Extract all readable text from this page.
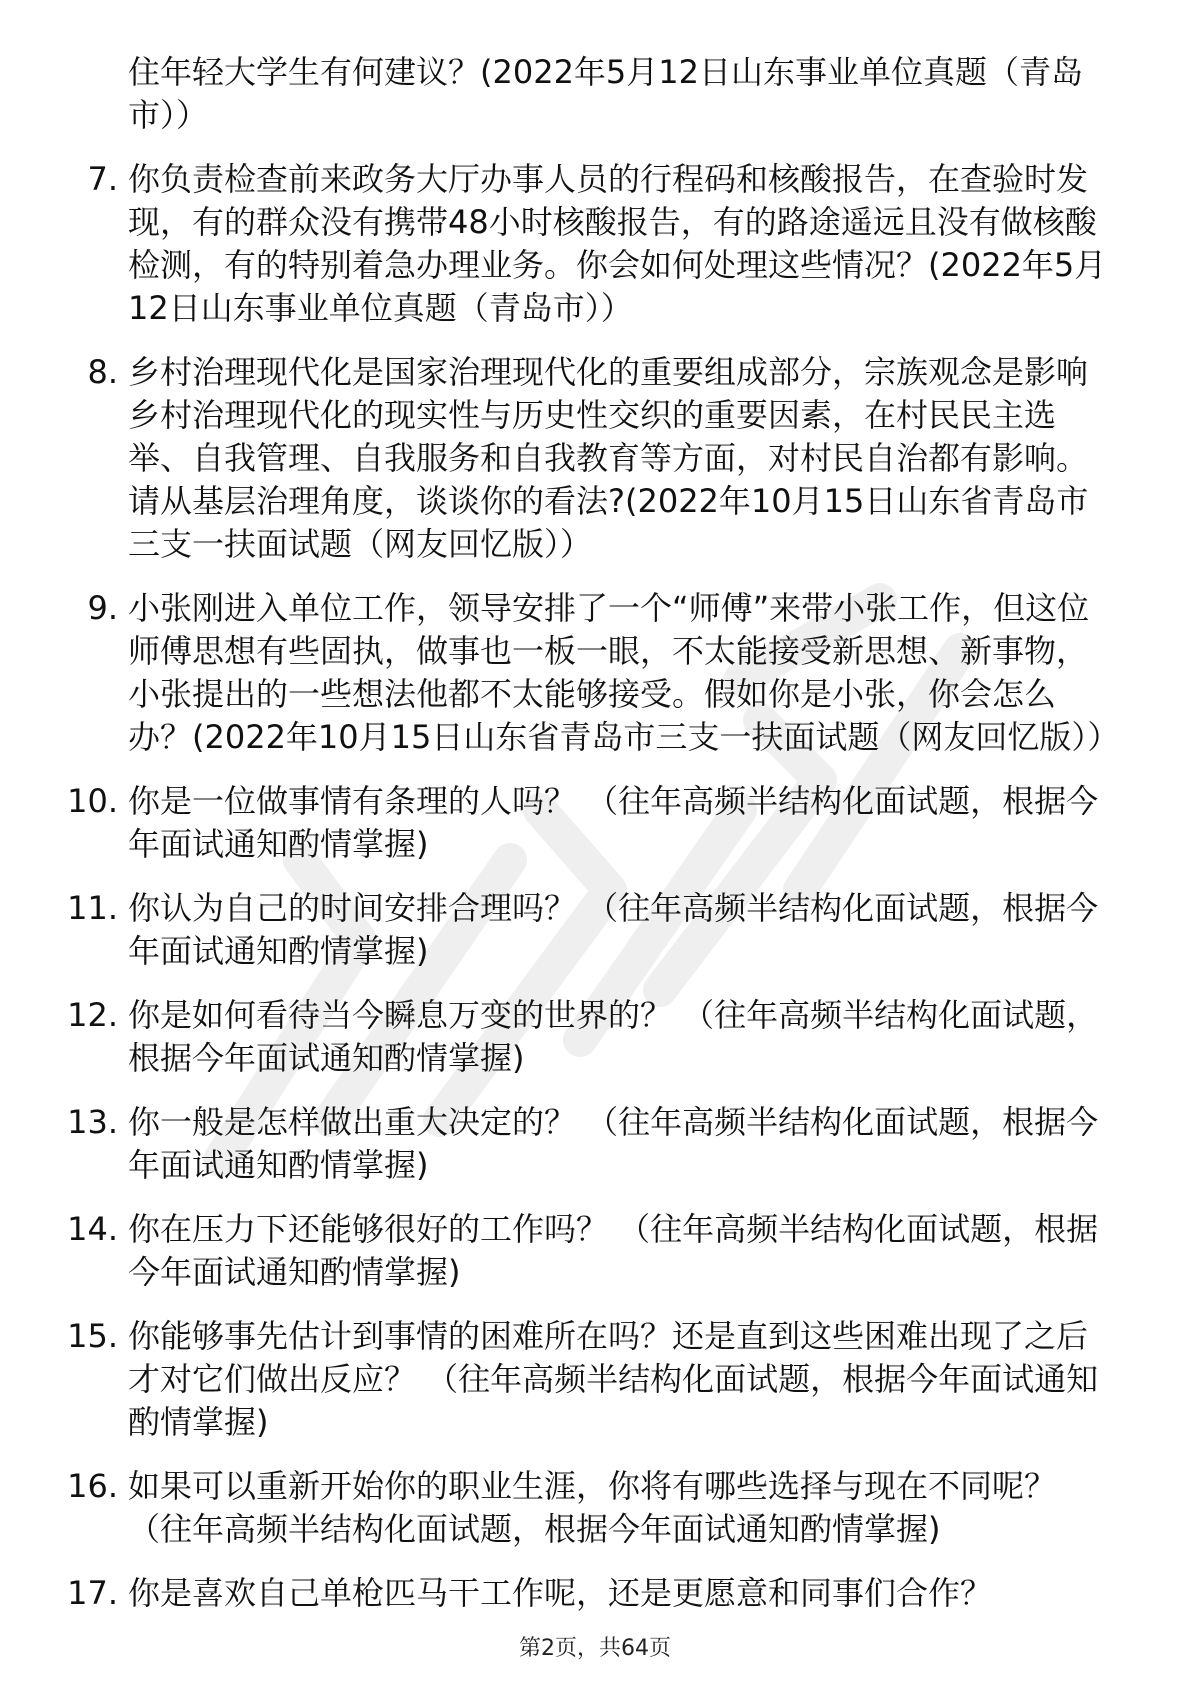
住年轻大学生有何建议？(2022年5月12日山东事业单位真题（青岛市））
7. 你负责检查前来政务大厅办事人员的行程码和核酸报告，在查验时发现，有的群众没有携带48小时核酸报告，有的路途遥远且没有做核酸检测，有的特别着急办理业务。你会如何处理这些情况？(2022年5月12日山东事业单位真题（青岛市））
8. 乡村治理现代化是国家治理现代化的重要组成部分，宗族观念是影响乡村治理现代化的现实性与历史性交织的重要因素，在村民民主选举、自我管理、自我服务和自我教育等方面，对村民自治都有影响。请从基层治理角度，谈谈你的看法?(2022年10月15日山东省青岛市三支一扶面试题（网友回忆版））
9. 小张刚进入单位工作，领导安排了一个“师傅”来带小张工作，但这位师傅思想有些固执，做事也一板一眼，不太能接受新思想、新事物，小张提出的一些想法他都不太能够接受。假如你是小张，你会怎么办？(2022年10月15日山东省青岛市三支一扶面试题（网友回忆版））
10. 你是一位做事情有条理的人吗？ （往年高频半结构化面试题，根据今年面试通知酌情掌握)
11. 你认为自己的时间安排合理吗？ （往年高频半结构化面试题，根据今年面试通知酌情掌握)
12. 你是如何看待当今瞬息万变的世界的？ （往年高频半结构化面试题，根据今年面试通知酌情掌握)
13. 你一般是怎样做出重大决定的？ （往年高频半结构化面试题，根据今年面试通知酌情掌握)
14. 你在压力下还能够很好的工作吗？ （往年高频半结构化面试题，根据今年面试通知酌情掌握)
15. 你能够事先估计到事情的困难所在吗？还是直到这些困难出现了之后才对它们做出反应？ （往年高频半结构化面试题，根据今年面试通知酌情掌握)
16. 如果可以重新开始你的职业生涯，你将有哪些选择与现在不同呢？ （往年高频半结构化面试题，根据今年面试通知酌情掌握)
17. 你是喜欢自己单枪匹马干工作呢，还是更愿意和同事们合作？
第2页，共64页
